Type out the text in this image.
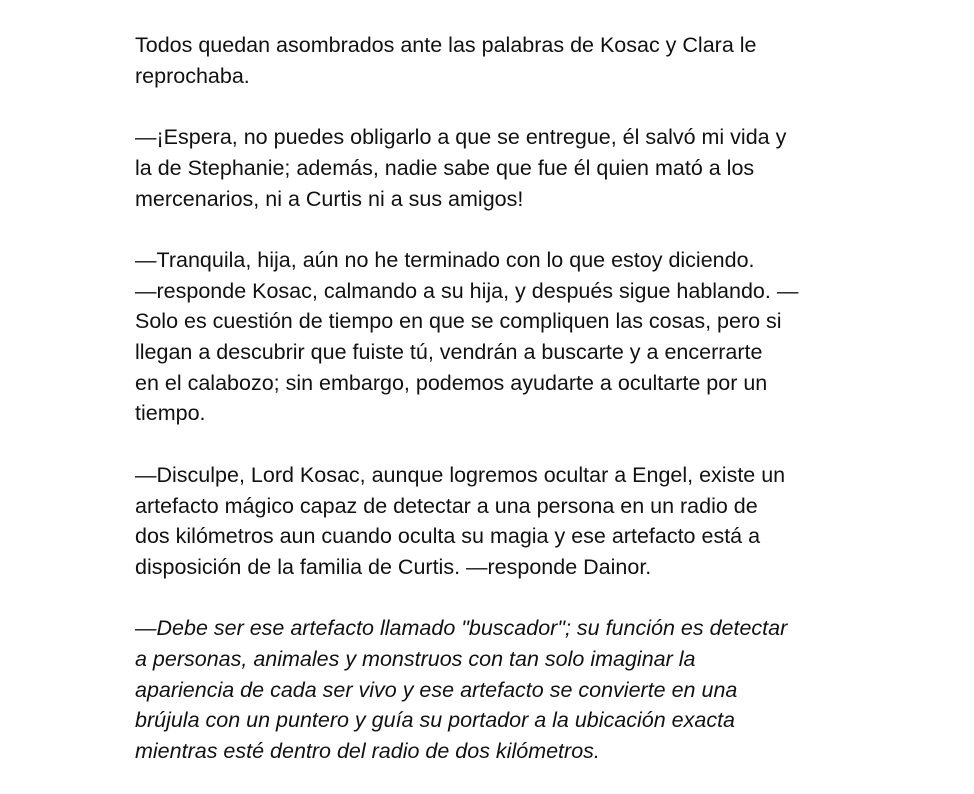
Todos quedan asombrados ante las palabras de Kosac y Clara le
reprochaba.

—¡Espera, no puedes obligarlo a que se entregue, él salvó mi vida y
la de Stephanie; además, nadie sabe que fue él quien mató a los
mercenarios, ni a Curtis ni a sus amigos!

—Tranquila, hija, aún no he terminado con lo que estoy diciendo.
—responde Kosac, calmando a su hija, y después sigue hablando. —
Solo es cuestión de tiempo en que se compliquen las cosas, pero si
llegan a descubrir que fuiste tú, vendrán a buscarte y a encerrarte
en el calabozo; sin embargo, podemos ayudarte a ocultarte por un
tiempo.

—Disculpe, Lord Kosac, aunque logremos ocultar a Engel, existe un
artefacto mágico capaz de detectar a una persona en un radio de
dos kilómetros aun cuando oculta su magia y ese artefacto está a
disposición de la familia de Curtis. —responde Dainor.

—Debe ser ese artefacto llamado "buscador"; su función es detectar
a personas, animales y monstruos con tan solo imaginar la
apariencia de cada ser vivo y ese artefacto se convierte en una
brújula con un puntero y guía su portador a la ubicación exacta
mientras esté dentro del radio de dos kilómetros.
